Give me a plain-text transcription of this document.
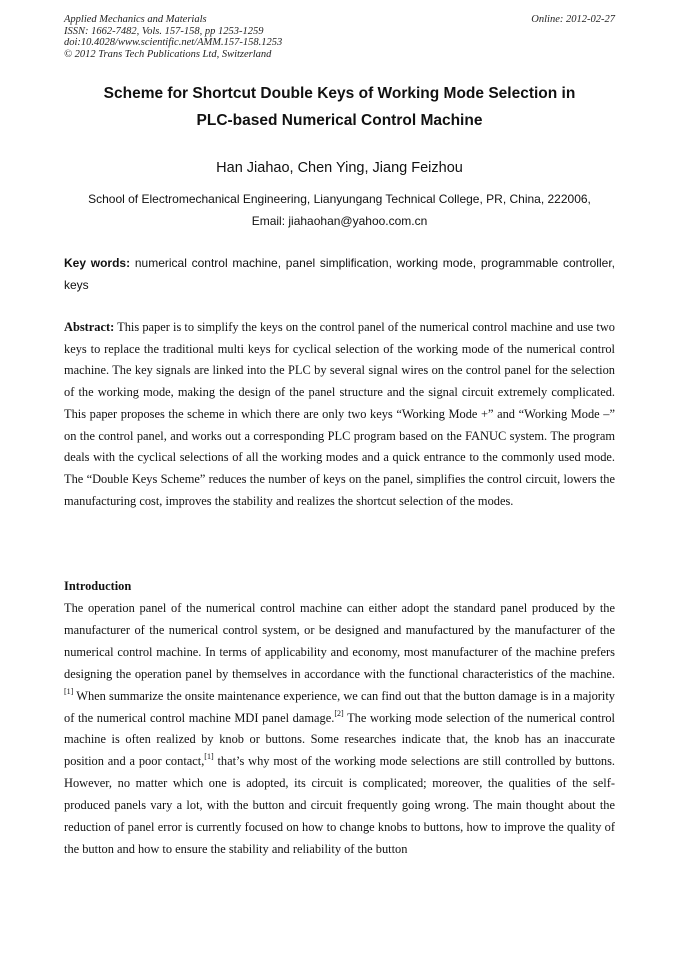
Applied Mechanics and Materials
ISSN: 1662-7482, Vols. 157-158, pp 1253-1259
doi:10.4028/www.scientific.net/AMM.157-158.1253
© 2012 Trans Tech Publications Ltd, Switzerland
Online: 2012-02-27
Scheme for Shortcut Double Keys of Working Mode Selection in
PLC-based Numerical Control Machine
Han Jiahao, Chen Ying, Jiang Feizhou
School of Electromechanical Engineering, Lianyungang Technical College, PR, China, 222006,
Email: jiahaohan@yahoo.com.cn
Key words: numerical control machine, panel simplification, working mode, programmable controller, keys
Abstract: This paper is to simplify the keys on the control panel of the numerical control machine and use two keys to replace the traditional multi keys for cyclical selection of the working mode of the numerical control machine. The key signals are linked into the PLC by several signal wires on the control panel for the selection of the working mode, making the design of the panel structure and the signal circuit extremely complicated. This paper proposes the scheme in which there are only two keys “Working Mode +” and “Working Mode –” on the control panel, and works out a corresponding PLC program based on the FANUC system. The program deals with the cyclical selections of all the working modes and a quick entrance to the commonly used mode. The “Double Keys Scheme” reduces the number of keys on the panel, simplifies the control circuit, lowers the manufacturing cost, improves the stability and realizes the shortcut selection of the modes.
Introduction
The operation panel of the numerical control machine can either adopt the standard panel produced by the manufacturer of the numerical control system, or be designed and manufactured by the manufacturer of the numerical control machine. In terms of applicability and economy, most manufacturer of the machine prefers designing the operation panel by themselves in accordance with the functional characteristics of the machine.[1] When summarize the onsite maintenance experience, we can find out that the button damage is in a majority of the numerical control machine MDI panel damage.[2] The working mode selection of the numerical control machine is often realized by knob or buttons. Some researches indicate that, the knob has an inaccurate position and a poor contact,[1] that’s why most of the working mode selections are still controlled by buttons. However, no matter which one is adopted, its circuit is complicated; moreover, the qualities of the self-produced panels vary a lot, with the button and circuit frequently going wrong. The main thought about the reduction of panel error is currently focused on how to change knobs to buttons, how to improve the quality of the button and how to ensure the stability and reliability of the button
